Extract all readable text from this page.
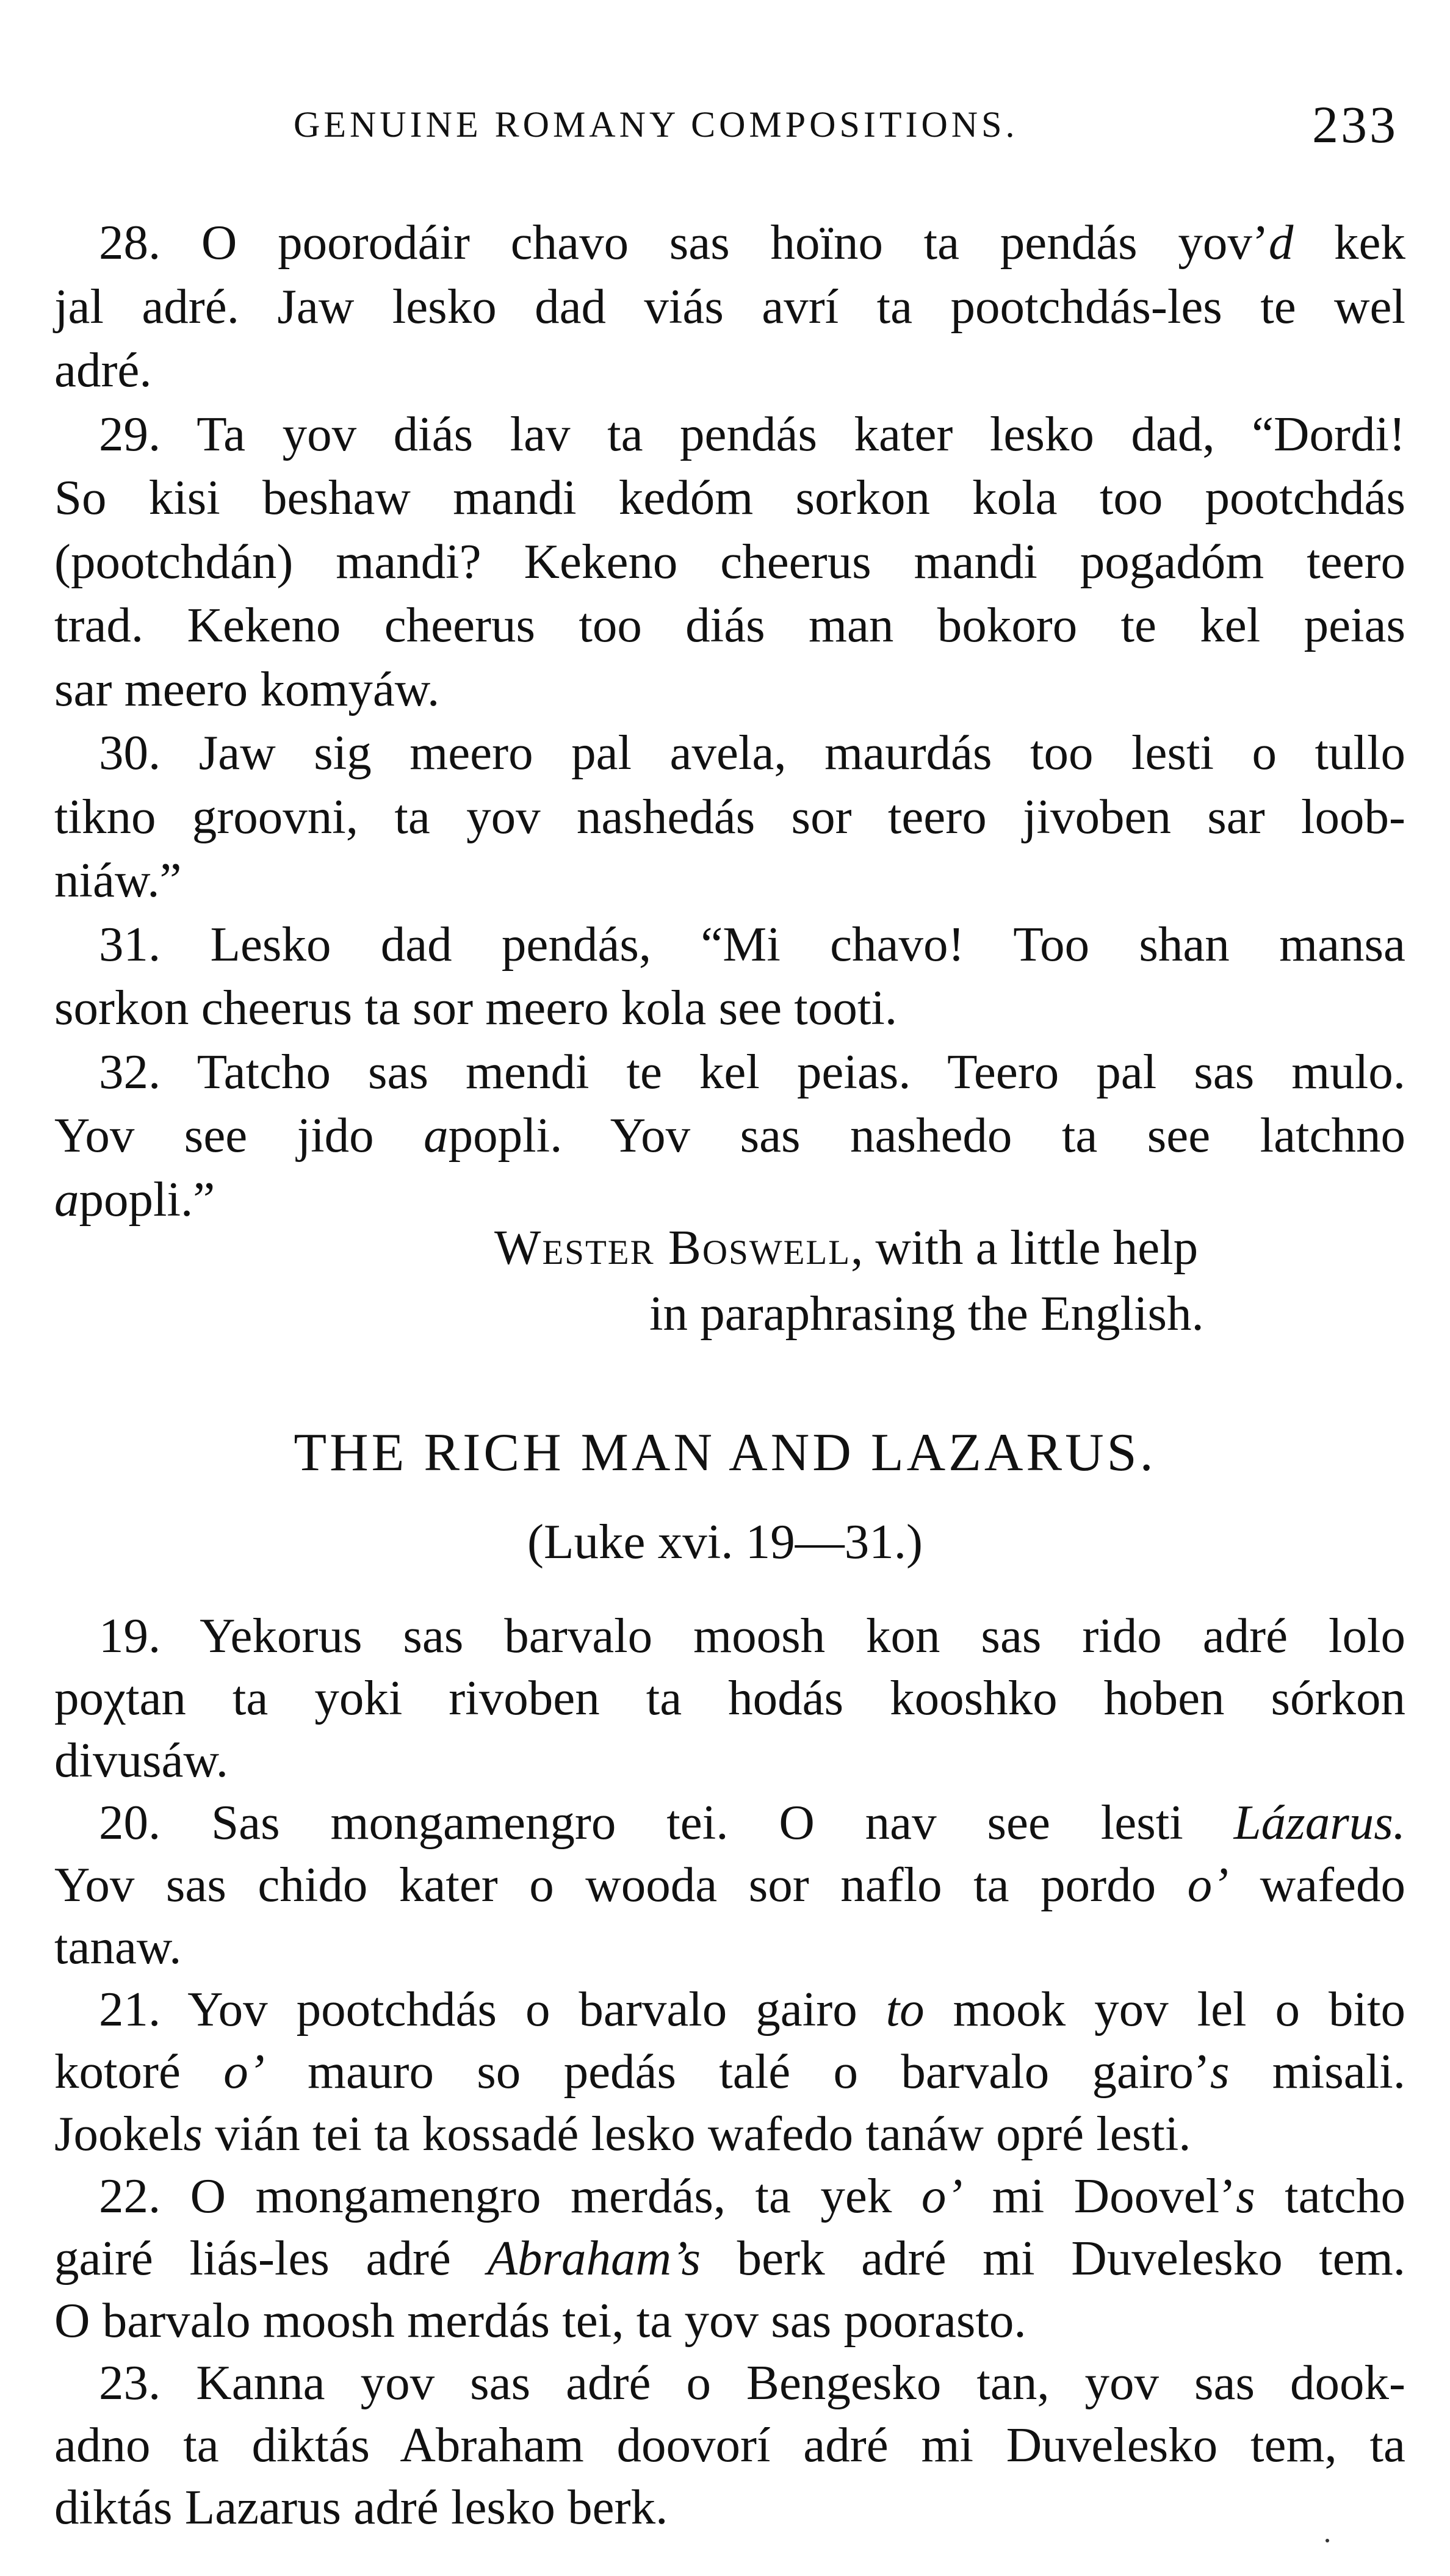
GENUINE ROMANY COMPOSITIONS.	233
28. O poorodáir chavo sas hoïno ta pendás yov’d kek
jal adré. Jaw lesko dad viás avrí ta pootchdás-les te wel
adré.
29. Ta yov diás lav ta pendás kater lesko dad, “Dordi!
So kisi beshaw mandi kedóm sorkon kola too pootchdás
(pootchdán) mandi? Kekeno cheerus mandi pogadóm teero
trad. Kekeno cheerus too diás man bokoro te kel peias
sar meero komyáw.
30. Jaw sig meero pal avela, maurdás too lesti o tullo
tikno groovni, ta yov nashedás sor teero jivoben sar loob-
niáw.”
31. Lesko dad pendás, “Mi chavo! Too shan mansa
sorkon cheerus ta sor meero kola see tooti.
32. Tatcho sas mendi te kel peias. Teero pal sas mulo.
Yov see jido apopli. Yov sas nashedo ta see latchno
apopli.”
Wester Boswell, with a little help
in paraphrasing the English.
THE RICH MAN AND LAZARUS.
(Luke xvi. 19—31.)
19. Yekorus sas barvalo moosh kon sas rido adré lolo
poχtan ta yoki rivoben ta hodás kooshko hoben sórkon
divusáw.
20. Sas mongamengro tei. O nav see lesti Lázarus.
Yov sas chido kater o wooda sor naflo ta pordo o’ wafedo
tanaw.
21. Yov pootchdás o barvalo gairo to mook yov lel o bito
kotoré o’ mauro so pedás talé o barvalo gairo’s misali.
Jookels vián tei ta kossadé lesko wafedo tanáw opré lesti.
22. O mongamengro merdás, ta yek o’ mi Doovel’s tatcho
gairé liás-les adré Abraham’s berk adré mi Duvelesko tem.
O barvalo moosh merdás tei, ta yov sas poorasto.
23. Kanna yov sas adré o Bengesko tan, yov sas dook-
adno ta diktás Abraham doovorí adré mi Duvelesko tem, ta
diktás Lazarus adré lesko berk.
